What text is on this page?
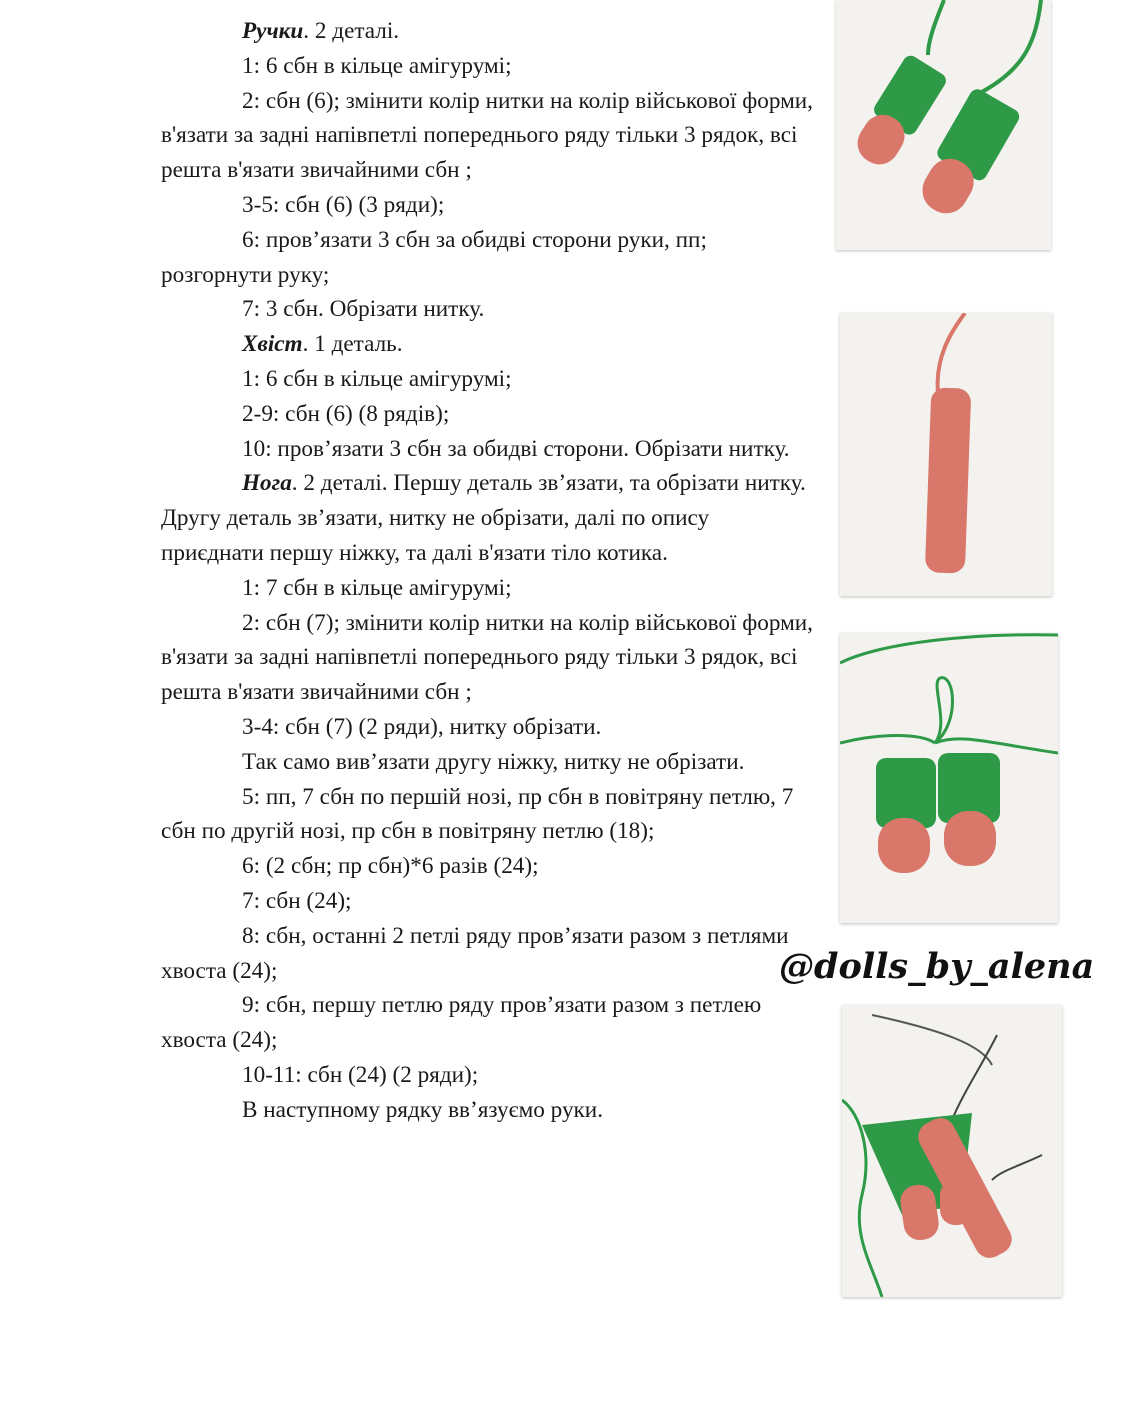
Ручки. 2 деталі.

1: 6 сбн в кільце амігурумі;

2: сбн (6); змінити колір нитки на колір військової форми, в'язати за задні напівпетлі попереднього ряду тільки 3 рядок, всі решта в'язати звичайними сбн ;

3-5: сбн (6) (3 ряди);

6: пров’язати 3 сбн за обидві сторони руки, пп; розгорнути руку;

7: 3 сбн. Обрізати нитку.

Хвіст. 1 деталь.

1: 6 сбн в кільце амігурумі;

2-9: сбн (6) (8 рядів);

10: пров’язати 3 сбн за обидві сторони. Обрізати нитку.

Нога. 2 деталі. Першу деталь зв’язати, та обрізати нитку. Другу деталь зв’язати, нитку не обрізати, далі по опису приєднати першу ніжку, та далі в'язати тіло котика.

1: 7 сбн в кільце амігурумі;

2: сбн (7); змінити колір нитки на колір військової форми, в'язати за задні напівпетлі попереднього ряду тільки 3 рядок, всі решта в'язати звичайними сбн ;

3-4: сбн (7) (2 ряди), нитку обрізати.

Так само вив’язати другу ніжку, нитку не обрізати.

5: пп, 7 сбн по першій нозі, пр сбн в повітряну петлю, 7 сбн по другій нозі, пр сбн в повітряну петлю (18);

6: (2 сбн; пр сбн)*6 разів (24);

7: сбн (24);

8: сбн, останні 2 петлі ряду пров’язати разом з петлями хвоста (24);

9: сбн, першу петлю ряду пров’язати разом з петлею хвоста (24);

10-11: сбн (24) (2 ряди);

В наступному рядку вв’язуємо руки.

@dolls_by_alena
